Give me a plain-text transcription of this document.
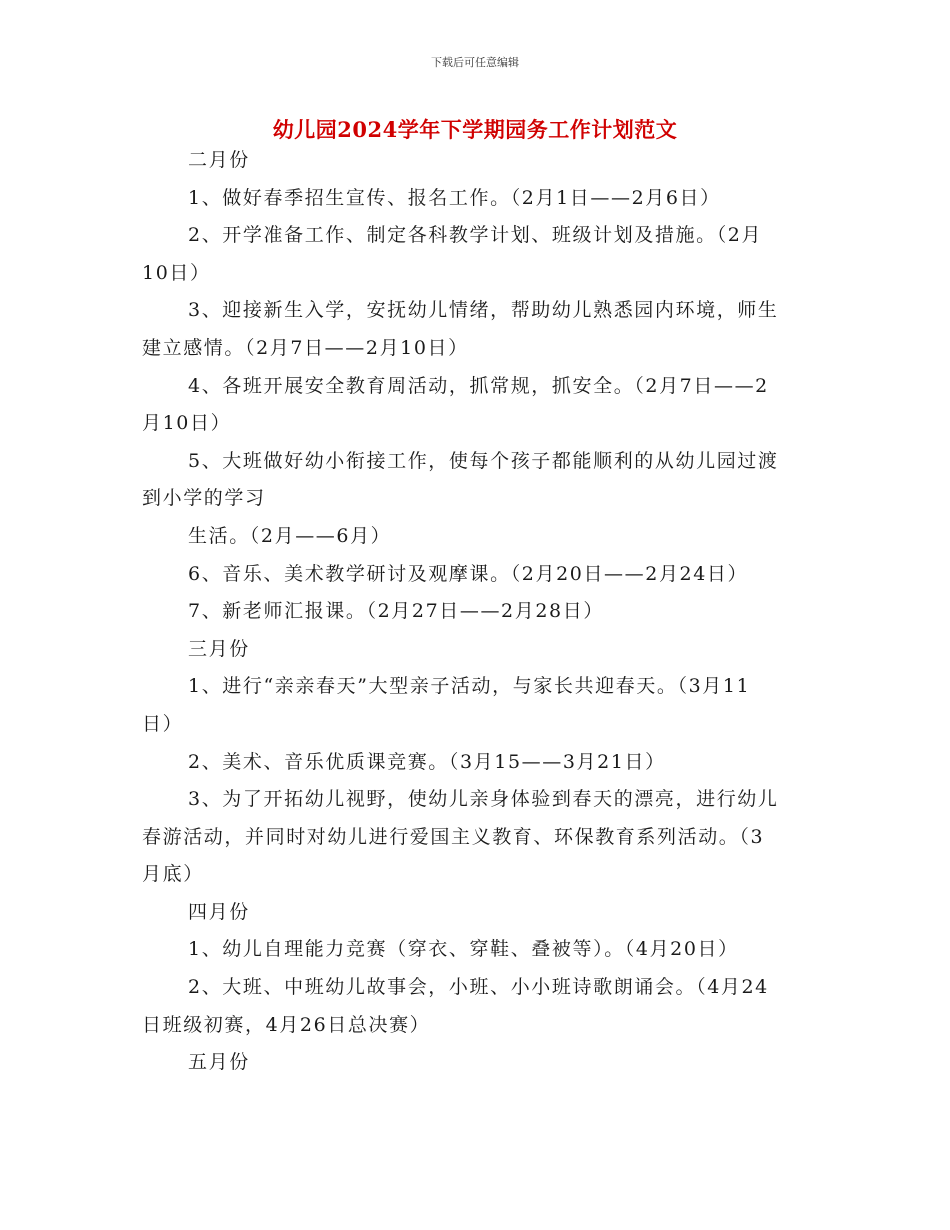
下载后可任意编辑
幼儿园2024学年下学期园务工作计划范文
二月份
1、做好春季招生宣传、报名工作。（2月1日——2月6日）
2、开学准备工作、制定各科教学计划、班级计划及措施。（2月
10日）
3、迎接新生入学，安抚幼儿情绪，帮助幼儿熟悉园内环境，师生
建立感情。（2月7日——2月10日）
4、各班开展安全教育周活动，抓常规，抓安全。（2月7日——2
月10日）
5、大班做好幼小衔接工作，使每个孩子都能顺利的从幼儿园过渡
到小学的学习
生活。（2月——6月）
6、音乐、美术教学研讨及观摩课。（2月20日——2月24日）
7、新老师汇报课。（2月27日——2月28日）
三月份
1、进行“亲亲春天”大型亲子活动，与家长共迎春天。（3月11
日）
2、美术、音乐优质课竞赛。（3月15——3月21日）
3、为了开拓幼儿视野，使幼儿亲身体验到春天的漂亮，进行幼儿
春游活动，并同时对幼儿进行爱国主义教育、环保教育系列活动。（3
月底）
四月份
1、幼儿自理能力竞赛（穿衣、穿鞋、叠被等）。（4月20日）
2、大班、中班幼儿故事会，小班、小小班诗歌朗诵会。（4月24
日班级初赛，4月26日总决赛）
五月份
